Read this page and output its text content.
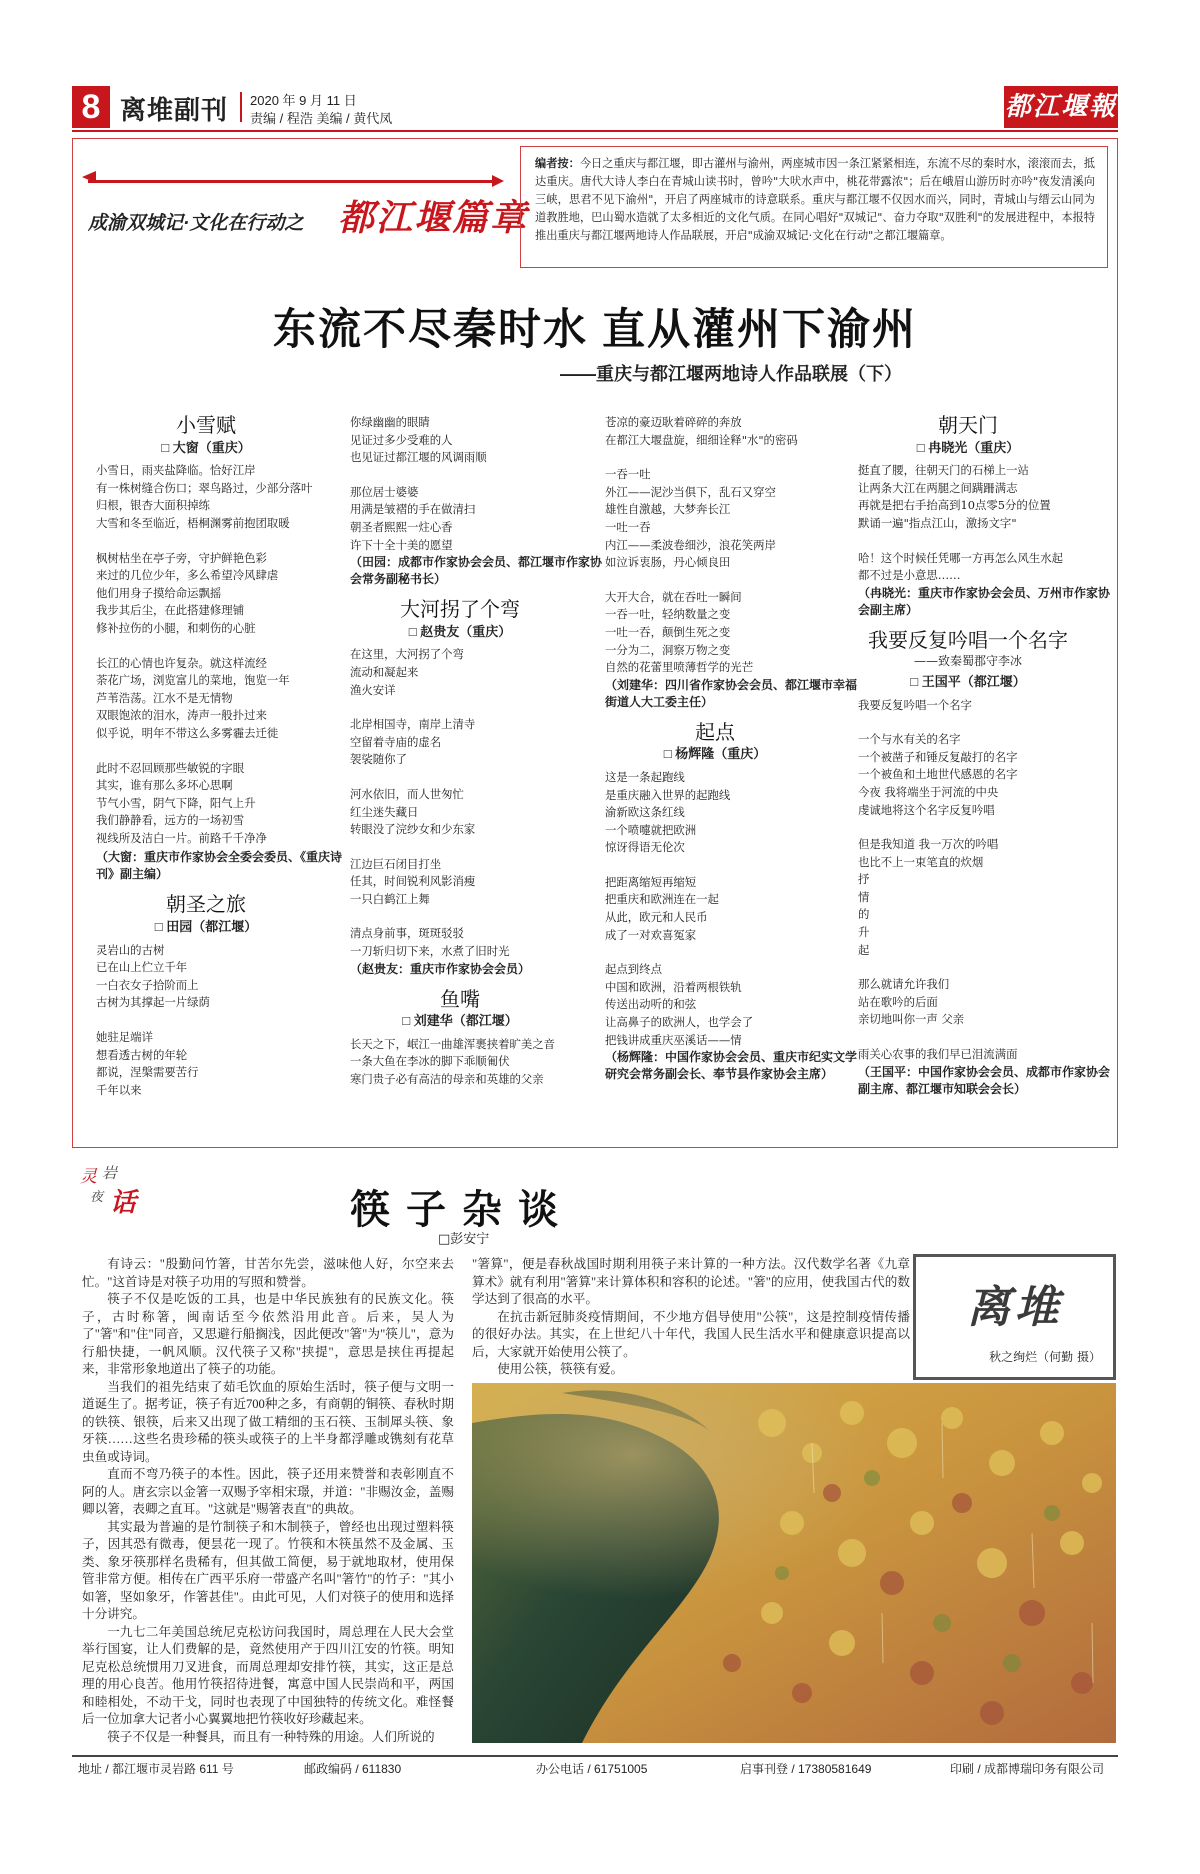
8 离堆副刊 2020 年 9 月 11 日
责编 / 程浩 美编 / 黄代凤	都江堰報
成渝双城记·文化在行动之 都江堰篇章
编者按：今日之重庆与都江堰，即古灌州与渝州，两座城市因一条江紧紧相连，东流不尽的秦时水，滚滚而去，抵达重庆。唐代大诗人李白在青城山读书时，曾吟"大吠水声中，桃花带露浓"；后在峨眉山游历时亦吟"夜发清溪向三峡，思君不见下渝州"，开启了两座城市的诗意联系。重庆与都江堰不仅因水而兴，同时，青城山与缙云山同为道教胜地，巴山蜀水造就了太多相近的文化气质。在同心唱好"双城记"、奋力夺取"双胜利"的发展进程中，本报特推出重庆与都江堰两地诗人作品联展，开启"成渝双城记·文化在行动"之都江堰篇章。
东流不尽秦时水 直从灌州下渝州
——重庆与都江堰两地诗人作品联展（下）
小雪赋
□ 大窗（重庆）
小雪日，雨夹盐降临。恰好江岸
有一株树缝合伤口；翠鸟路过，少部分落叶
归根，银杏大面积掉练
大雪和冬至临近，梧桐渊雾前抱团取暖
枫树枯坐在亭子旁，守护鲜艳色彩
来过的几位少年，多么希望冷风肆虐
他们用身子摸给命运飘摇
我步其后尘，在此搭建修理铺
修补拉伤的小腿，和刺伤的心脏
长江的心情也许复杂。就这样流经
荼花广场，浏览富儿的菜地，饱览一年
芦苇浩荡。江水不是无情物
双眼饱浓的泪水，涛声一般扑过来
似乎说，明年不带这么多雾霾去迁徙
此时不忍回顾那些敏锐的字眼
其实，谁有那么多坏心思啊
节气小雪，阴气下降，阳气上升
我们静静看，远方的一场初雪
视线所及洁白一片。前路千千净净
（大窗：重庆市作家协会全委会委员、《重庆诗刊》副主编）
朝圣之旅
□ 田园（都江堰）
灵岩山的古树
已在山上伫立千年
一白衣女子拾阶而上
古树为其撑起一片绿荫
她驻足端详
想看透古树的年轮
都说，涅槃需要苦行
千年以来
你绿幽幽的眼睛
见证过多少受难的人
也见证过都江堰的风调雨顺
那位居士婆婆
用满是皱褶的手在做清扫
朝圣者熙熙一炷心香
许下十全十美的愿望
（田园：成都市作家协会会员、都江堰市作家协会常务副秘书长）
大河拐了个弯
□ 赵贵友（重庆）
在这里，大河拐了个弯
流动和凝起来
渔火安详
北岸相国寺，南岸上清寺
空留着寺庙的虚名
袈裟随你了
河水依旧，而人世匆忙
红尘迷失藏日
转眼没了浣纱女和少东家
江边巨石闭目打坐
任其，时间锐利风影消瘦
一只白鹤江上舞
清点身前事，斑斑驳驳
一刀斩归切下来，水煮了旧时光
（赵贵友：重庆市作家协会会员）
鱼嘴
□ 刘建华（都江堰）
长天之下，岷江一曲雄浑裹挟着旷美之音
一条大鱼在李冰的脚下乖顺匍伏
寒门贵子必有高洁的母亲和英雄的父亲
苍凉的豪迈耿着碎碎的奔放
在都江大堰盘旋，细细诠释"水"的密码
一吞一吐
外江——泥沙当俱下，乱石又穿空
雄性自激越，大梦奔长江
一吐一吞
内江——柔波卷细沙，浪花笑两岸
如泣诉衷肠，丹心倾良田
大开大合，就在吞吐一瞬间
一吞一吐，轻纳数量之变
一吐一吞，颠倒生死之变
一分为二，洞察万物之变
自然的花蕾里喷薄哲学的光芒
（刘建华：四川省作家协会会员、都江堰市幸福街道人大工委主任）
起点
□ 杨辉隆（重庆）
这是一条起跑线
是重庆融入世界的起跑线
渝新欧这条红线
一个喷嚏就把欧洲
惊讶得语无伦次
把距离缩短再缩短
把重庆和欧洲连在一起
从此，欧元和人民币
成了一对欢喜冤家
起点到终点
中国和欧洲，沿着两根铁轨
传送出动听的和弦
让高鼻子的欧洲人，也学会了
把钱讲成重庆巫溪话——情
（杨辉隆：中国作家协会会员、重庆市纪实文学研究会常务副会长、奉节县作家协会主席）
朝天门
□ 冉晓光（重庆）
挺直了腰，往朝天门的石梯上一站
让两条大江在两腿之间蹒跚满志
再就是把右手抬高到10点零5分的位置
默诵一遍"指点江山，激扬文字"
哈！这个时候任凭哪一方再怎么风生水起
都不过是小意思……
（冉晓光：重庆市作家协会会员、万州市作家协会副主席）
我要反复吟唱一个名字
——致秦蜀郡守李冰
□ 王国平（都江堰）
我要反复吟唱一个名字
一个与水有关的名字
一个被凿子和锤反复敲打的名字
一个被鱼和土地世代感恩的名字
今夜 我将端坐于河流的中央
虔诚地将这个名字反复吟唱
但是我知道 我一万次的吟唱
也比不上一束笔直的炊烟
抒
情
的
升
起
那么就请允许我们
站在歌吟的后面
亲切地叫你一声 父亲
雨关心农事的我们早已泪流满面
（王国平：中国作家协会会员、成都市作家协会副主席、都江堰市知联会会长）
灵 岩
夜 话	筷子杂谈
□彭安宁

有诗云："殷勤问竹箸，甘苦尔先尝，滋味他人好，尔空来去忙。"这首诗是对筷子功用的写照和赞誉。

筷子不仅是吃饭的工具，也是中华民族独有的民族文化。筷子，古时称箸，闽南话至今依然沿用此音。后来，吴人为了"箸"和"住"同音，又思避行船搁浅，因此便改"箸"为"筷儿"，意为行船快捷，一帆风顺。汉代筷子又称"挟提"，意思是挟住再提起来，非常形象地道出了筷子的功能。

当我们的祖先结束了茹毛饮血的原始生活时，筷子便与文明一道诞生了。据考证，筷子有近700种之多，有商朝的铜筷、春秋时期的铁筷、银筷，后来又出现了做工精细的玉石筷、玉制犀头筷、象牙筷……这些名贵珍稀的筷头或筷子的上半身都浮雕或镌刻有花草虫鱼或诗词。

直而不弯乃筷子的本性。因此，筷子还用来赞誉和表彰刚直不阿的人。唐玄宗以金箸一双赐予宰相宋璟，并道："非赐汝金，盖赐卿以箸，表卿之直耳。"这就是"赐箸表直"的典故。

其实最为普遍的是竹制筷子和木制筷子，曾经也出现过塑料筷子，因其恐有微毒，便昙花一现了。竹筷和木筷虽然不及金属、玉类、象牙筷那样名贵稀有，但其做工简便，易于就地取材，使用保管非常方便。相传在广西平乐府一带盛产名叫"箸竹"的竹子："其小如箸，坚如象牙，作箸甚佳"。由此可见，人们对筷子的使用和选择十分讲究。

一九七二年美国总统尼克松访问我国时，周总理在人民大会堂举行国宴，让人们费解的是，竟然使用产于四川江安的竹筷。明知尼克松总统惯用刀叉进食，而周总理却安排竹筷，其实，这正是总理的用心良苦。他用竹筷招待进餐，寓意中国人民崇尚和平，两国和睦相处，不动干戈，同时也表现了中国独特的传统文化。难怪餐后一位加拿大记者小心翼翼地把竹筷收好珍藏起来。

筷子不仅是一种餐具，而且有一种特殊的用途。人们所说的

"箸算"，便是春秋战国时期利用筷子来计算的一种方法。汉代数学名著《九章算术》就有利用"箸算"来计算体积和容积的论述。"箸"的应用，使我国古代的数学达到了很高的水平。

在抗击新冠肺炎疫情期间，不少地方倡导使用"公筷"，这是控制疫情传播的很好办法。其实，在上世纪八十年代，我国人民生活水平和健康意识提高以后，大家就开始使用公筷了。

使用公筷，筷筷有爱。

离堆
秋之绚烂（何勤 摄）
地址 / 都江堰市灵岩路 611 号	邮政编码 / 611830	办公电话 / 61751005	启事刊登 / 17380581649	印刷 / 成都博瑞印务有限公司
